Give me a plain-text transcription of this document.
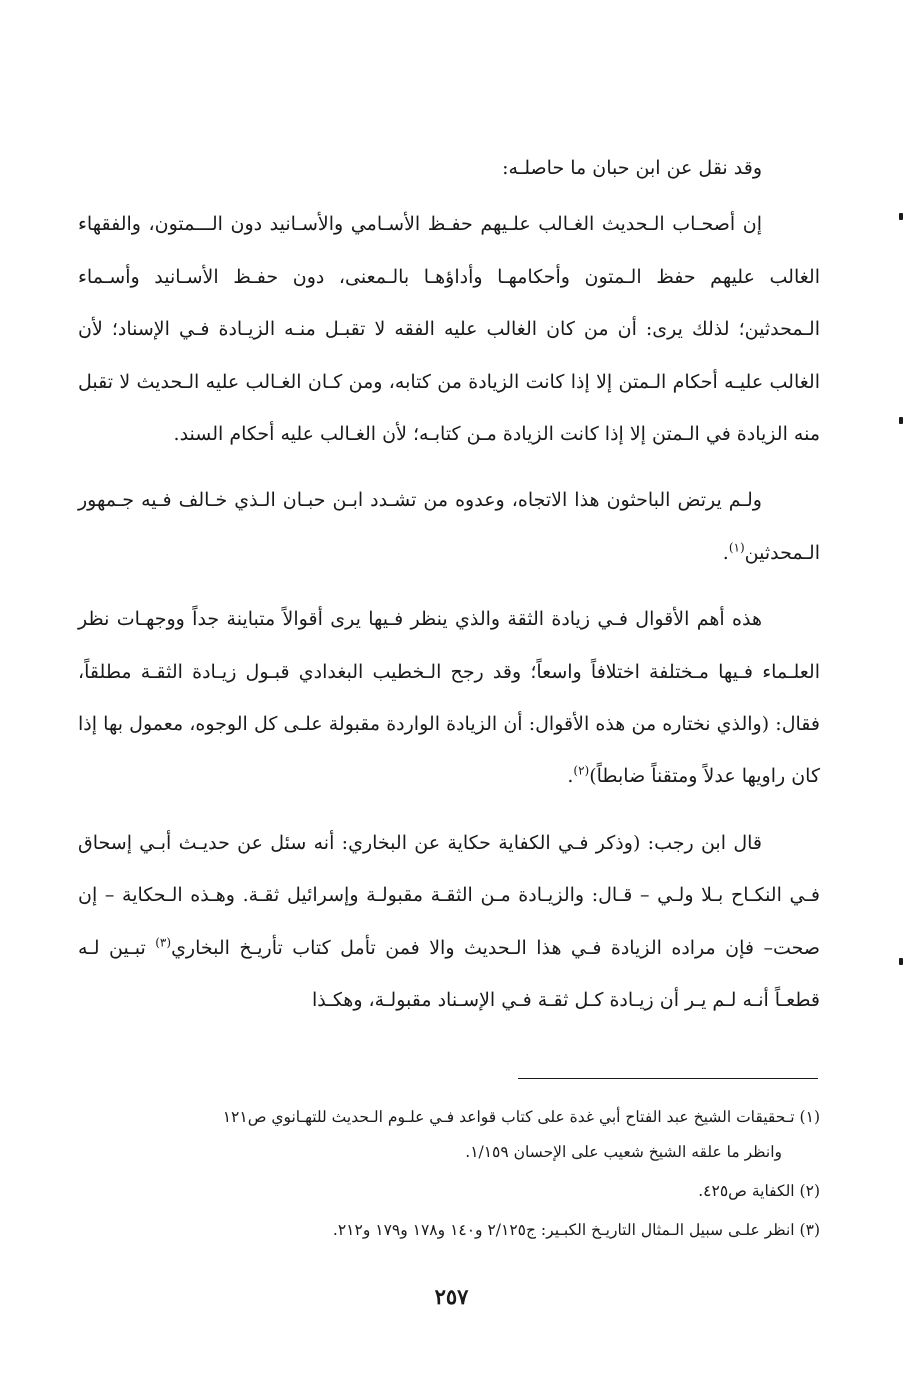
وقد نقل عن ابن حبان ما حاصلـه:

إن أصحـاب الـحديث الغـالب علـيهم حفـظ الأسـامي والأسـانيد دون الـــمتون، والفقهاء الغالب عليهم حفظ الـمتون وأحكامهـا وأداؤهـا بالـمعنى، دون حفـظ الأسـانيد وأسـماء الـمحدثين؛ لذلك يرى: أن من كان الغالب عليه الفقه لا تقبـل منـه الزيـادة فـي الإسناد؛ لأن الغالب عليـه أحكام الـمتن إلا إذا كانت الزيادة من كتابه، ومن كـان الغـالب عليه الـحديث لا تقبل منه الزيادة في الـمتن إلا إذا كانت الزيادة مـن كتابـه؛ لأن الغـالب عليه أحكام السند.

ولـم يرتض الباحثون هذا الاتجاه، وعدوه من تشـدد ابـن حبـان الـذي خـالف فـيه جـمهور الـمحدثين$^{(١)}$.

هذه أهم الأقوال فـي زيادة الثقة والذي ينظر فـيها يرى أقوالاً متباينة جداً ووجهـات نظر العلـماء فـيها مـختلفة اختلافاً واسعاً؛ وقد رجح الـخطيب البغدادي قبـول زيـادة الثقـة مطلقاً، فقال: (والذي نختاره من هذه الأقوال: أن الزيادة الواردة مقبولة علـى كل الوجوه، معمول بها إذا كان راويها عدلاً ومتقناً ضابطاً)$^{(٢)}$.

قال ابن رجب: (وذكر فـي الكفاية حكاية عن البخاري: أنه سئل عن حديـث أبـي إسحاق فـي النكـاح بـلا ولـي – قـال: والزيـادة مـن الثقـة مقبولـة وإسرائيل ثقـة. وهـذه الـحكاية – إن صحت– فإن مراده الزيادة فـي هذا الـحديث والا فمن تأمل كتاب تأريـخ البخاري$^{(٣)}$ تبـين لـه قطعـاً أنـه لـم يـر أن زيـادة كـل ثقـة فـي الإسـناد مقبولـة، وهكـذا

(١) تـحقيقات الشيخ عبد الفتاح أبي غدة على كتاب قواعد فـي علـوم الـحديث للتهـانوي ص١٢١
وانظر ما علقه الشيخ شعيب على الإحسان ١/١٥٩.

(٢) الكفاية ص٤٢٥.

(٣) انظر علـى سبيل الـمثال التاريـخ الكبـير: ج٢/١٢٥ و١٤٠ و١٧٨ و١٧٩ و٢١٢.

٢٥٧
